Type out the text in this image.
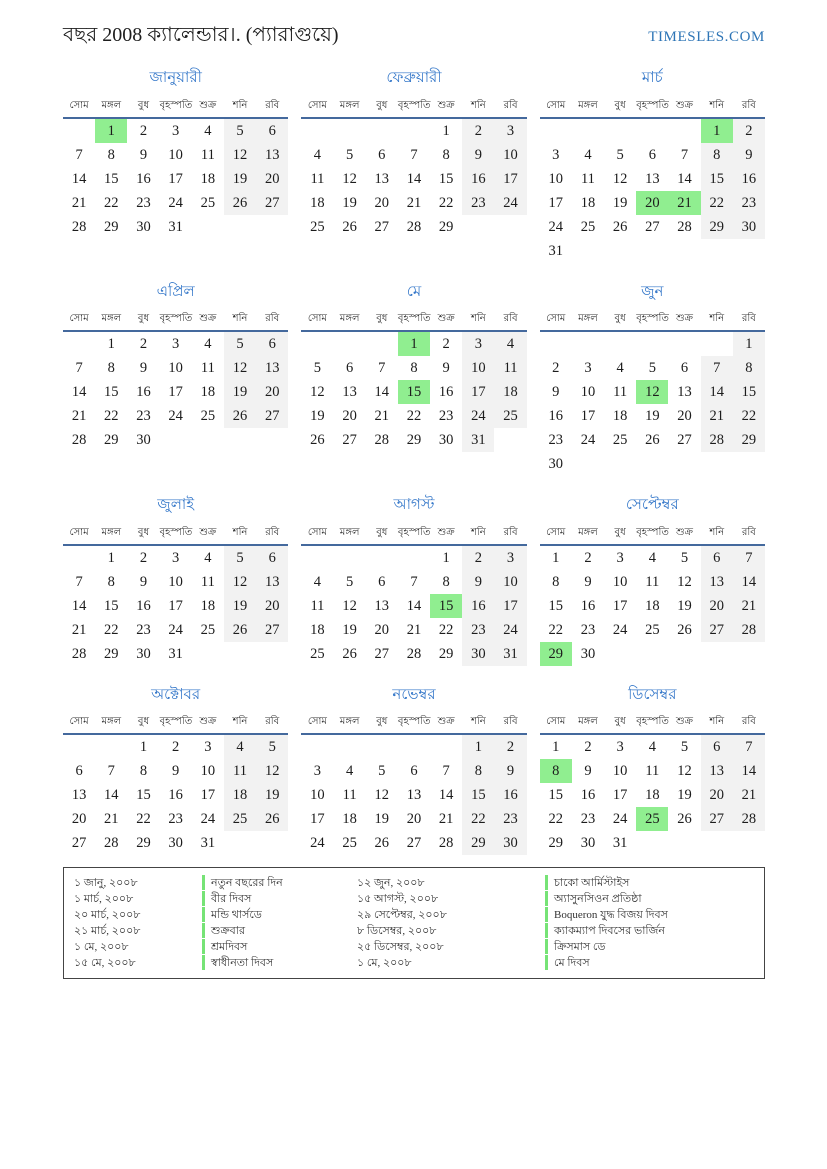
বছর 2008 ক্যালেন্ডার।. (প্যারাগুয়ে)	TIMESLES.COM
জানুয়ারী
সোম	মঙ্গল	বুধ	বৃহস্পতি	শুক্র	শনি	রবি
	1	2	3	4	5	6
7	8	9	10	11	12	13
14	15	16	17	18	19	20
21	22	23	24	25	26	27
28	29	30	31			
ফেব্রুয়ারী
সোম	মঙ্গল	বুধ	বৃহস্পতি	শুক্র	শনি	রবি
				1	2	3
4	5	6	7	8	9	10
11	12	13	14	15	16	17
18	19	20	21	22	23	24
25	26	27	28	29		
মার্চ
সোম	মঙ্গল	বুধ	বৃহস্পতি	শুক্র	শনি	রবি
					1	2
3	4	5	6	7	8	9
10	11	12	13	14	15	16
17	18	19	20	21	22	23
24	25	26	27	28	29	30
31						
এপ্রিল
সোম	মঙ্গল	বুধ	বৃহস্পতি	শুক্র	শনি	রবি
	1	2	3	4	5	6
7	8	9	10	11	12	13
14	15	16	17	18	19	20
21	22	23	24	25	26	27
28	29	30				
মে
সোম	মঙ্গল	বুধ	বৃহস্পতি	শুক্র	শনি	রবি
			1	2	3	4
5	6	7	8	9	10	11
12	13	14	15	16	17	18
19	20	21	22	23	24	25
26	27	28	29	30	31	
জুন
সোম	মঙ্গল	বুধ	বৃহস্পতি	শুক্র	শনি	রবি
						1
2	3	4	5	6	7	8
9	10	11	12	13	14	15
16	17	18	19	20	21	22
23	24	25	26	27	28	29
30						
জুলাই
সোম	মঙ্গল	বুধ	বৃহস্পতি	শুক্র	শনি	রবি
	1	2	3	4	5	6
7	8	9	10	11	12	13
14	15	16	17	18	19	20
21	22	23	24	25	26	27
28	29	30	31			
আগস্ট
সোম	মঙ্গল	বুধ	বৃহস্পতি	শুক্র	শনি	রবি
				1	2	3
4	5	6	7	8	9	10
11	12	13	14	15	16	17
18	19	20	21	22	23	24
25	26	27	28	29	30	31
সেপ্টেম্বর
সোম	মঙ্গল	বুধ	বৃহস্পতি	শুক্র	শনি	রবি
1	2	3	4	5	6	7
8	9	10	11	12	13	14
15	16	17	18	19	20	21
22	23	24	25	26	27	28
29	30					
অক্টোবর
সোম	মঙ্গল	বুধ	বৃহস্পতি	শুক্র	শনি	রবি
		1	2	3	4	5
6	7	8	9	10	11	12
13	14	15	16	17	18	19
20	21	22	23	24	25	26
27	28	29	30	31		
নভেম্বর
সোম	মঙ্গল	বুধ	বৃহস্পতি	শুক্র	শনি	রবি
					1	2
3	4	5	6	7	8	9
10	11	12	13	14	15	16
17	18	19	20	21	22	23
24	25	26	27	28	29	30
ডিসেম্বর
সোম	মঙ্গল	বুধ	বৃহস্পতি	শুক্র	শনি	রবি
1	2	3	4	5	6	7
8	9	10	11	12	13	14
15	16	17	18	19	20	21
22	23	24	25	26	27	28
29	30	31				
১ জানু, ২০০৮	নতুন বছরের দিন	১২ জুন, ২০০৮	চাকো আর্মিস্টাইস
১ মার্চ, ২০০৮	বীর দিবস	১৫ আগস্ট, ২০০৮	অ্যাসুনসিওন প্রতিষ্ঠা
২০ মার্চ, ২০০৮	মন্ডি থার্সডে	২৯ সেপ্টেম্বর, ২০০৮	Boqueron যুদ্ধ বিজয় দিবস
২১ মার্চ, ২০০৮	শুক্রবার	৮ ডিসেম্বর, ২০০৮	ক্যাকম্যাপ দিবসের ভার্জিন
১ মে, ২০০৮	শ্রমদিবস	২৫ ডিসেম্বর, ২০০৮	ক্রিসমাস ডে
১৫ মে, ২০০৮	স্বাধীনতা দিবস	১ মে, ২০০৮	মে দিবস
